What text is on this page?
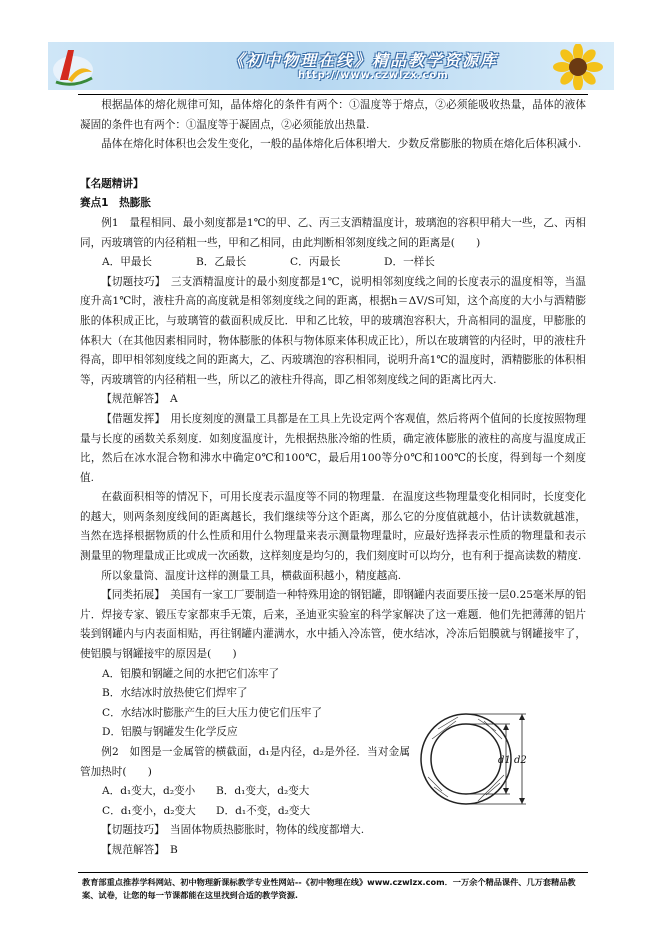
《初中物理在线》精品教学资源库
http://www.czwlzx.com

根据晶体的熔化规律可知，晶体熔化的条件有两个：①温度等于熔点，②必须能吸收热量，晶体的液体凝固的条件也有两个：①温度等于凝固点，②必须能放出热量.

晶体在熔化时体积也会发生变化，一般的晶体熔化后体积增大．少数反常膨胀的物质在熔化后体积减小.

【名题精讲】

赛点1　热膨胀

例1　量程相同、最小刻度都是1℃的甲、乙、丙三支酒精温度计，玻璃泡的容积甲稍大一些，乙、丙相同，丙玻璃管的内径稍粗一些，甲和乙相同，由此判断相邻刻度线之间的距离是(　　)

A．甲最长	B．乙最长	C．丙最长	D．一样长

【切题技巧】　三支酒精温度计的最小刻度都是1℃，说明相邻刻度线之间的长度表示的温度相等，当温度升高1℃时，液柱升高的高度就是相邻刻度线之间的距离，根据h＝ΔV/S可知，这个高度的大小与酒精膨胀的体积成正比，与玻璃管的截面积成反比．甲和乙比较，甲的玻璃泡容积大，升高相同的温度，甲膨胀的体积大（在其他因素相同时，物体膨胀的体积与物体原来体积成正比），所以在玻璃管的内径时，甲的液柱升得高，即甲相邻刻度线之间的距离大，乙、丙玻璃泡的容积相同，说明升高1℃的温度时，酒精膨胀的体积相等，丙玻璃管的内径稍粗一些，所以乙的液柱升得高，即乙相邻刻度线之间的距离比丙大.

【规范解答】　A

【借题发挥】　用长度刻度的测量工具都是在工具上先设定两个客观值，然后将两个值间的长度按照物理量与长度的函数关系刻度．如刻度温度计，先根据热胀冷缩的性质，确定液体膨胀的液柱的高度与温度成正比，然后在冰水混合物和沸水中确定0℃和100℃，最后用100等分0℃和100℃的长度，得到每一个刻度值.

在截面积相等的情况下，可用长度表示温度等不同的物理量．在温度这些物理量变化相同时，长度变化的越大，则两条刻度线间的距离越长，我们继续等分这个距离，那么它的分度值就越小，估计读数就越准，当然在选择根据物质的什么性质和用什么物理量来表示测量物理量时，应最好选择表示性质的物理量和表示测量里的物理量成正比或成一次函数，这样刻度是均匀的，我们刻度时可以均分，也有利于提高读数的精度.

所以象量筒、温度计这样的测量工具，横截面积越小，精度越高.

【同类拓展】　美国有一家工厂要制造一种特殊用途的钢铝罐，即钢罐内表面要压接一层0.25毫米厚的铝片．焊接专家、锻压专家都束手无策，后来，圣迪亚实验室的科学家解决了这一难题．他们先把薄薄的铝片装到钢罐内与内表面相贴，再往钢罐内灌满水，水中插入冷冻管，使水结冰，冷冻后铝膜就与钢罐接牢了，使铝膜与钢罐接牢的原因是(　　)

A．铝膜和钢罐之间的水把它们冻牢了

B．水结冰时放热使它们焊牢了

C．水结冰时膨胀产生的巨大压力使它们压牢了

D．铝膜与钢罐发生化学反应

例2　如图是一金属管的横截面，d₁是内径，d₂是外径．当对金属管加热时(　　)

A．d₁变大，d₂变小	B．d₁变大，d₂变大
C．d₁变小，d₂变大	D．d₁不变，d₂变大

【切题技巧】　当固体物质热膨胀时，物体的线度都增大.

【规范解答】　B

d1 d2
教育部重点推荐学科网站、初中物理新课标教学专业性网站--《初中物理在线》www.czwlzx.com．一万余个精品课件、几万套精品教案、试卷，让您的每一节课都能在这里找到合适的教学资源.
